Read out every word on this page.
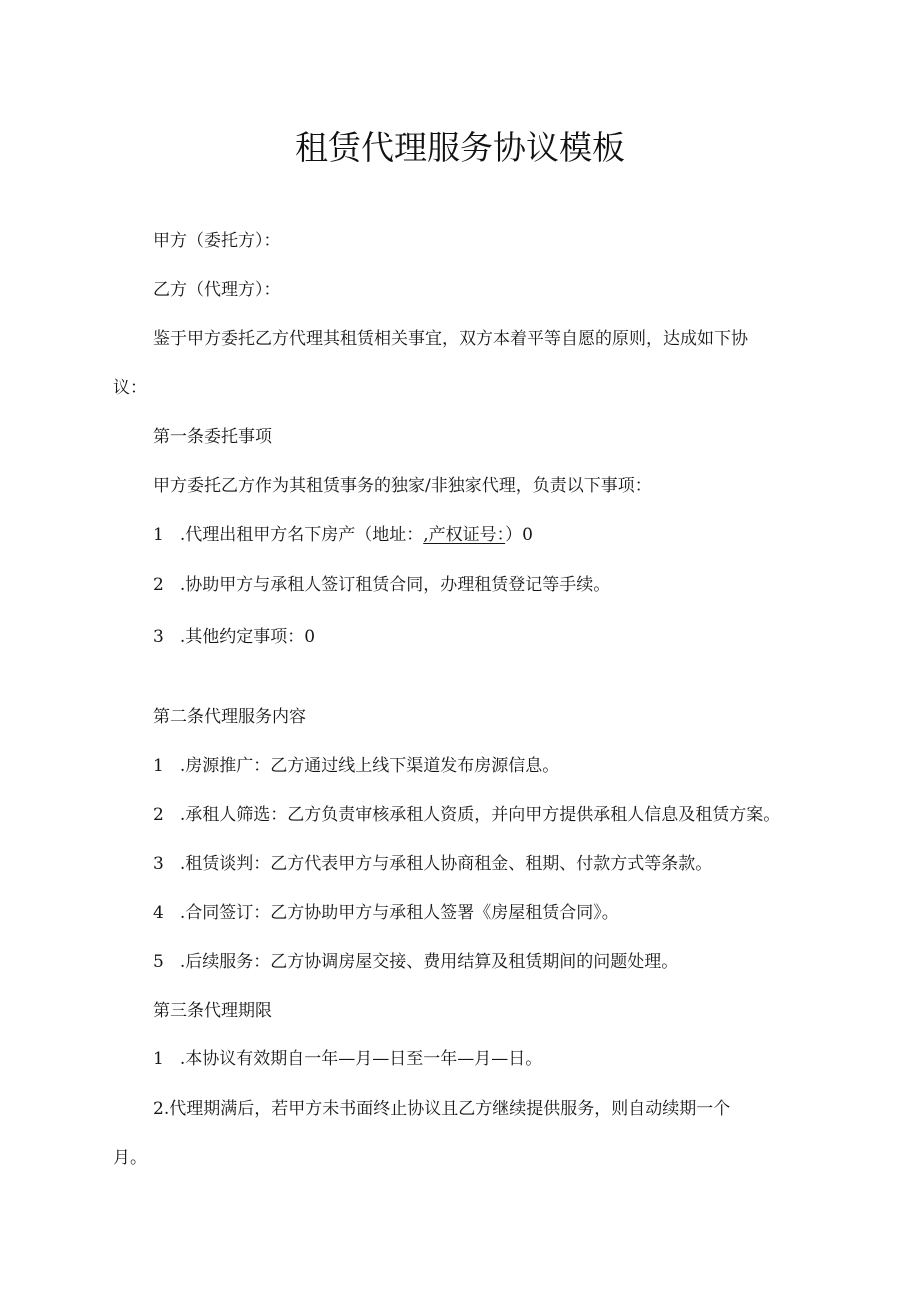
租赁代理服务协议模板
甲方（委托方）：
乙方（代理方）：
鉴于甲方委托乙方代理其租赁相关事宜，双方本着平等自愿的原则，达成如下协
议：
第一条委托事项
甲方委托乙方作为其租赁事务的独家/非独家代理，负责以下事项：
1 .代理出租甲方名下房产（地址：,产权证号：）0
2 .协助甲方与承租人签订租赁合同，办理租赁登记等手续。
3 .其他约定事项：0
第二条代理服务内容
1 .房源推广：乙方通过线上线下渠道发布房源信息。
2 .承租人筛选：乙方负责审核承租人资质，并向甲方提供承租人信息及租赁方案。
3 .租赁谈判：乙方代表甲方与承租人协商租金、租期、付款方式等条款。
4 .合同签订：乙方协助甲方与承租人签署《房屋租赁合同》。
5 .后续服务：乙方协调房屋交接、费用结算及租赁期间的问题处理。
第三条代理期限
1 .本协议有效期自一年—月—日至一年—月—日。
2.代理期满后，若甲方未书面终止协议且乙方继续提供服务，则自动续期一个
月。
